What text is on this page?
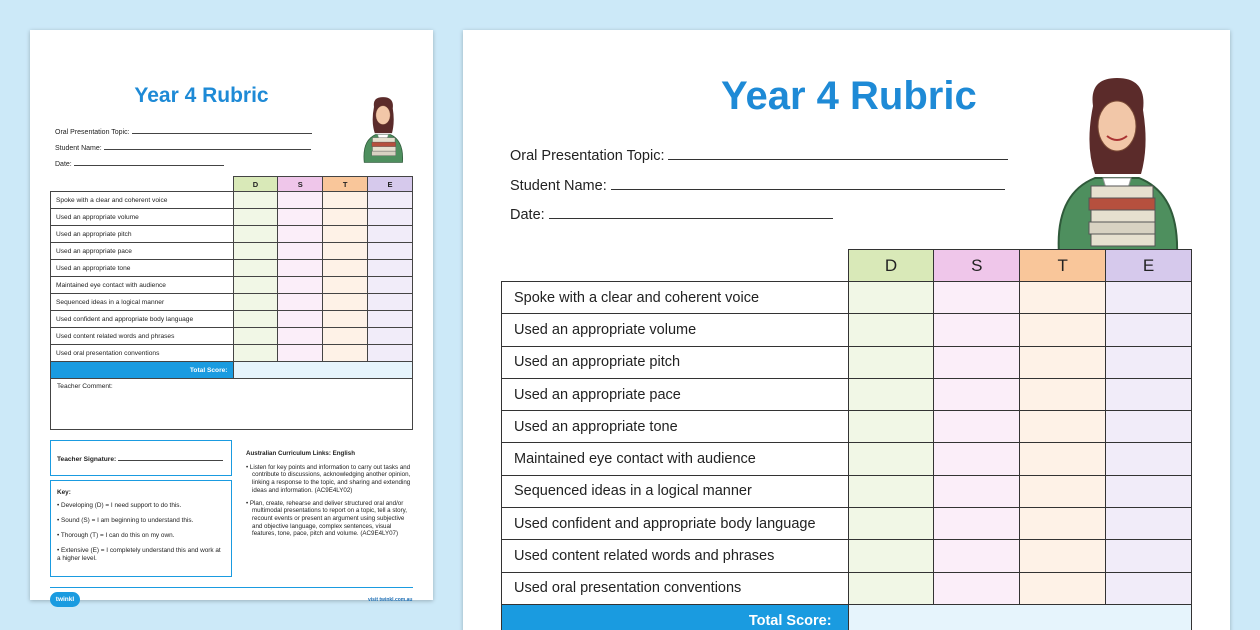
Year 4 Rubric
Oral Presentation Topic:
Student Name:
Date:
	D	S	T	E
Spoke with a clear and coherent voice				
Used an appropriate volume				
Used an appropriate pitch				
Used an appropriate pace				
Used an appropriate tone				
Maintained eye contact with audience				
Sequenced ideas in a logical manner				
Used confident and appropriate body language				
Used content related words and phrases				
Used oral presentation conventions				
Total Score:				
Teacher Comment:
Teacher Signature:
Key:
• Developing (D) = I need support to do this.
• Sound (S) = I am beginning to understand this.
• Thorough (T) = I can do this on my own.
• Extensive (E) = I completely understand this and work at a higher level.
Australian Curriculum Links: English
• Listen for key points and information to carry out tasks and contribute to discussions, acknowledging another opinion, linking a response to the topic, and sharing and extending ideas and information. (AC9E4LY02)
• Plan, create, rehearse and deliver structured oral and/or multimodal presentations to report on a topic, tell a story, recount events or present an argument using subjective and objective language, complex sentences, visual features, tone, pace, pitch and volume. (AC9E4LY07)
twinkl	visit twinkl.com.au
Year 4 Rubric
Oral Presentation Topic:
Student Name:
Date:
	D	S	T	E
Spoke with a clear and coherent voice				
Used an appropriate volume				
Used an appropriate pitch				
Used an appropriate pace				
Used an appropriate tone				
Maintained eye contact with audience				
Sequenced ideas in a logical manner				
Used confident and appropriate body language				
Used content related words and phrases				
Used oral presentation conventions				
Total Score:				
